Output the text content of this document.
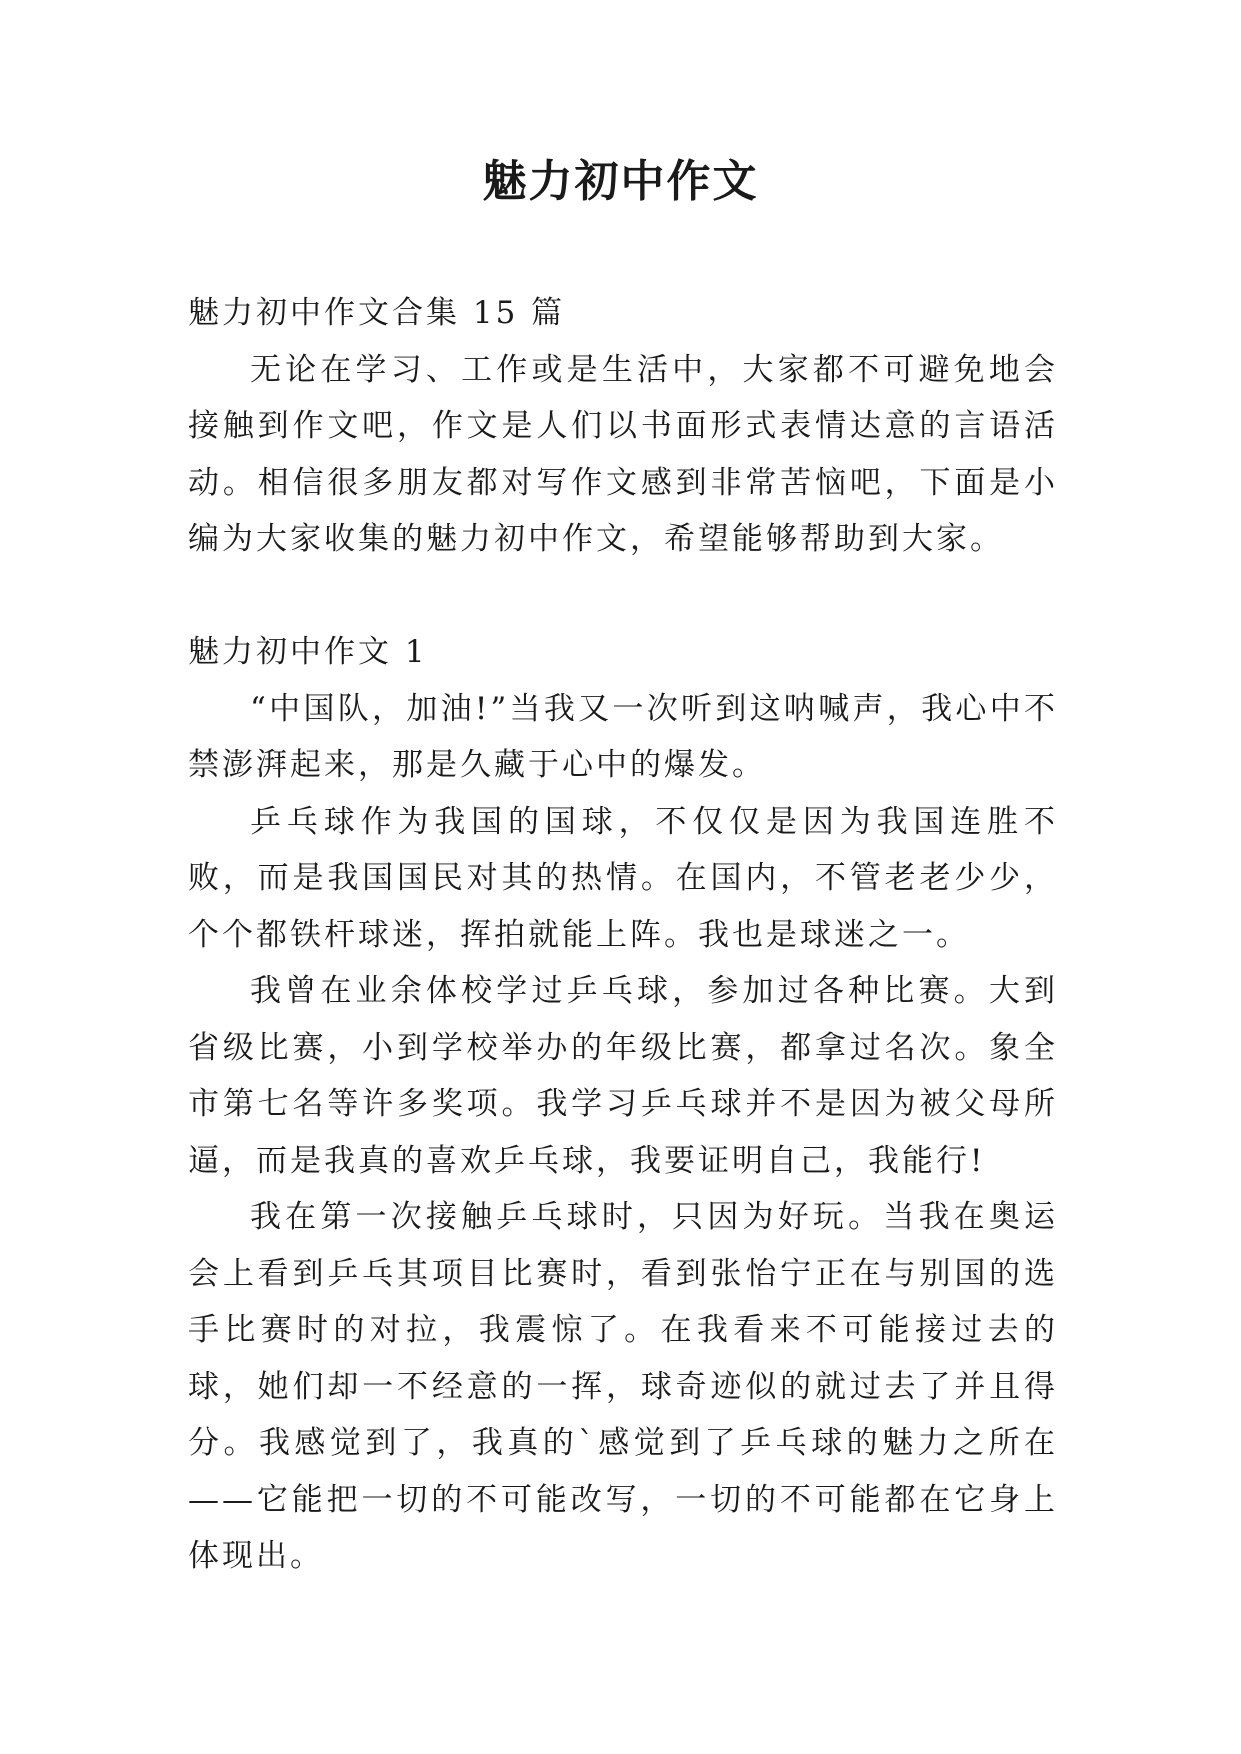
魅力初中作文

魅力初中作文合集 15 篇

无论在学习、工作或是生活中，大家都不可避免地会接触到作文吧，作文是人们以书面形式表情达意的言语活动。相信很多朋友都对写作文感到非常苦恼吧，下面是小编为大家收集的魅力初中作文，希望能够帮助到大家。

魅力初中作文 1

“中国队，加油!”当我又一次听到这呐喊声，我心中不禁澎湃起来，那是久藏于心中的爆发。

乒乓球作为我国的国球，不仅仅是因为我国连胜不败，而是我国国民对其的热情。在国内，不管老老少少，个个都铁杆球迷，挥拍就能上阵。我也是球迷之一。

我曾在业余体校学过乒乓球，参加过各种比赛。大到省级比赛，小到学校举办的年级比赛，都拿过名次。象全市第七名等许多奖项。我学习乒乓球并不是因为被父母所逼，而是我真的喜欢乒乓球，我要证明自己，我能行!

我在第一次接触乒乓球时，只因为好玩。当我在奥运会上看到乒乓其项目比赛时，看到张怡宁正在与别国的选手比赛时的对拉，我震惊了。在我看来不可能接过去的球，她们却一不经意的一挥，球奇迹似的就过去了并且得分。我感觉到了，我真的`感觉到了乒乓球的魅力之所在——它能把一切的不可能改写，一切的不可能都在它身上体现出。
